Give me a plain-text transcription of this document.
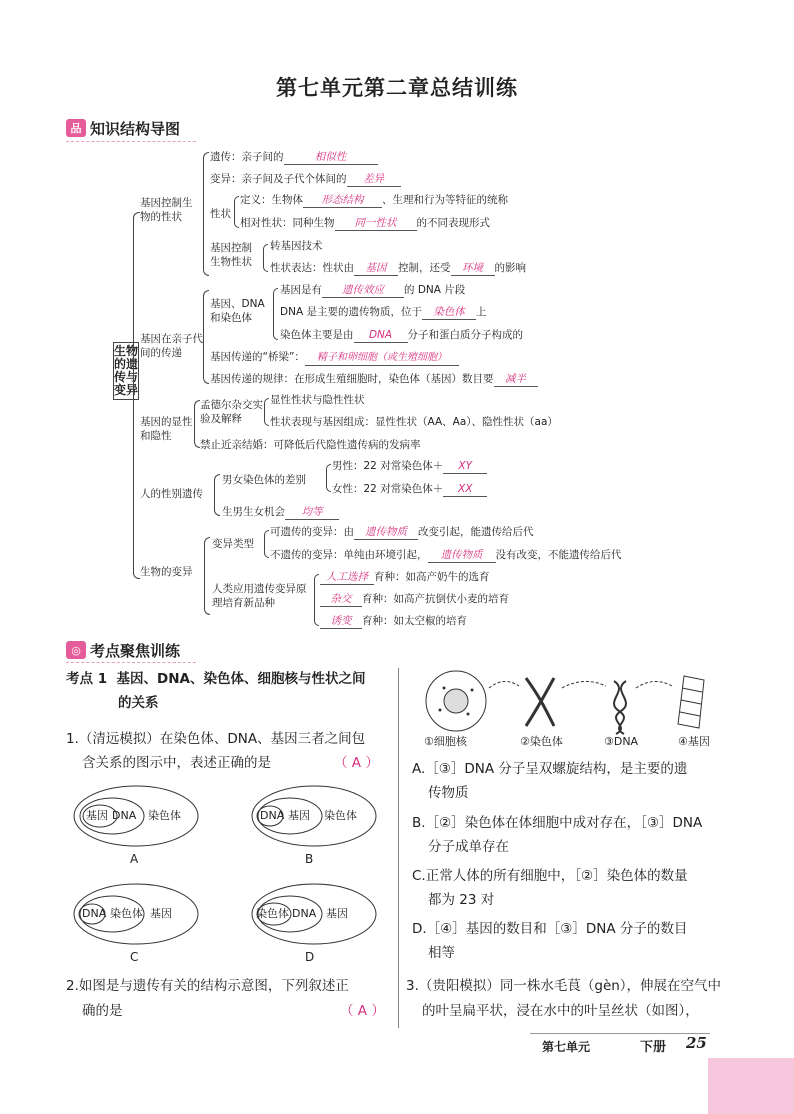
第七单元第二章总结训练
品 知识结构导图
生物的遗传与变异
基因控制生物的性状
遗传：亲子间的	相似性
变异：亲子间及子代个体间的 差异
性状
定义：生物体 形态结构 、生理和行为等特征的统称
相对性状：同种生物 同一性状 的不同表现形式
基因控制生物性状
转基因技术
性状表达：性状由 基因 控制，还受 环境 的影响
基因在亲子代间的传递
基因、DNA和染色体
基因是有 遗传效应 的 DNA 片段
DNA 是主要的遗传物质，位于 染色体 上
染色体主要是由 DNA 分子和蛋白质分子构成的
基因传递的“桥梁”： 精子和卵细胞（或生殖细胞）
基因传递的规律：在形成生殖细胞时，染色体（基因）数目要 减半
基因的显性和隐性
孟德尔杂交实验及解释
显性性状与隐性性状
性状表现与基因组成：显性性状（AA、Aa）、隐性性状（aa）
禁止近亲结婚：可降低后代隐性遗传病的发病率
人的性别遗传
男女染色体的差别
男性：22 对常染色体＋ XY
女性：22 对常染色体＋ XX
生男生女机会 均等
生物的变异
变异类型
可遗传的变异：由 遗传物质 改变引起，能遗传给后代
不遗传的变异：单纯由环境引起， 遗传物质 没有改变，不能遗传给后代
人类应用遗传变异原理培育新品种
人工选择 育种：如高产奶牛的选育
杂交 育种：如高产抗倒伏小麦的培育
诱变 育种：如太空椒的培育
◎ 考点聚焦训练
考点 1 基因、DNA、染色体、细胞核与性状之间
的关系
1.（清远模拟）在染色体、DNA、基因三者之间包
含关系的图示中，表述正确的是	（ A ）
基因 DNA 染色体
A
DNA 基因 染色体
B
DNA 染色体 基因
C
染色体 DNA 基因
D
2.如图是与遗传有关的结构示意图，下列叙述正
确的是	（ A ）
①细胞核	②染色体	③DNA	④基因
A.［③］DNA 分子呈双螺旋结构，是主要的遗
传物质
B.［②］染色体在体细胞中成对存在，［③］DNA
分子成单存在
C.正常人体的所有细胞中，［②］染色体的数量
都为 23 对
D.［④］基因的数目和［③］DNA 分子的数目
相等
3.（贵阳模拟）同一株水毛茛（gèn），伸展在空气中
的叶呈扁平状，浸在水中的叶呈丝状（如图），
第七单元	下册 25
